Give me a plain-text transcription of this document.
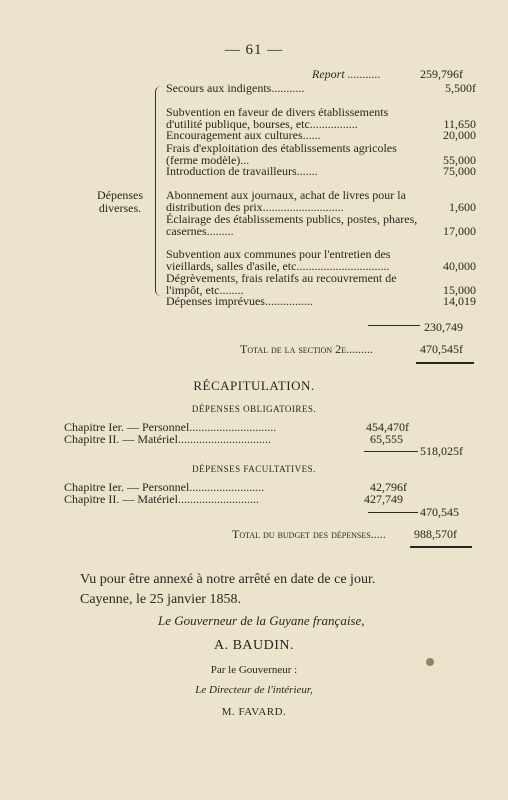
— 61 —
Report ...........	259,796f
Dépenses
diverses.
Secours aux indigents...........	5,500f
Subvention en faveur de divers établissements d'utilité publique, bourses, etc................	11,650
Encouragement aux cultures......	20,000
Frais d'exploitation des établissements agricoles (ferme modèle)...	55,000
Introduction de travailleurs.......	75,000
Abonnement aux journaux, achat de livres pour la distribution des prix...........................	1,600
Éclairage des établissements publics, postes, phares, casernes.........	17,000
Subvention aux communes pour l'entretien des vieillards, salles d'asile, etc...............................	40,000
Dégrèvements, frais relatifs au recouvrement de l'impôt, etc........	15,000
Dépenses imprévues................	14,019
230,749
Total de la section 2e.........	470,545f
RÉCAPITULATION.
DÉPENSES OBLIGATOIRES.
Chapitre Ier. — Personnel.............................	454,470f
Chapitre II. — Matériel...............................	65,555
518,025f
DÉPENSES FACULTATIVES.
Chapitre Ier. — Personnel.........................	42,796f
Chapitre II. — Matériel...........................	427,749
470,545
Total du budget des dépenses..... 988,570f
Vu pour être annexé à notre arrêté en date de ce jour.
Cayenne, le 25 janvier 1858.
Le Gouverneur de la Guyane française,
A. BAUDIN.
Par le Gouverneur :
Le Directeur de l'intérieur,
M. FAVARD.
